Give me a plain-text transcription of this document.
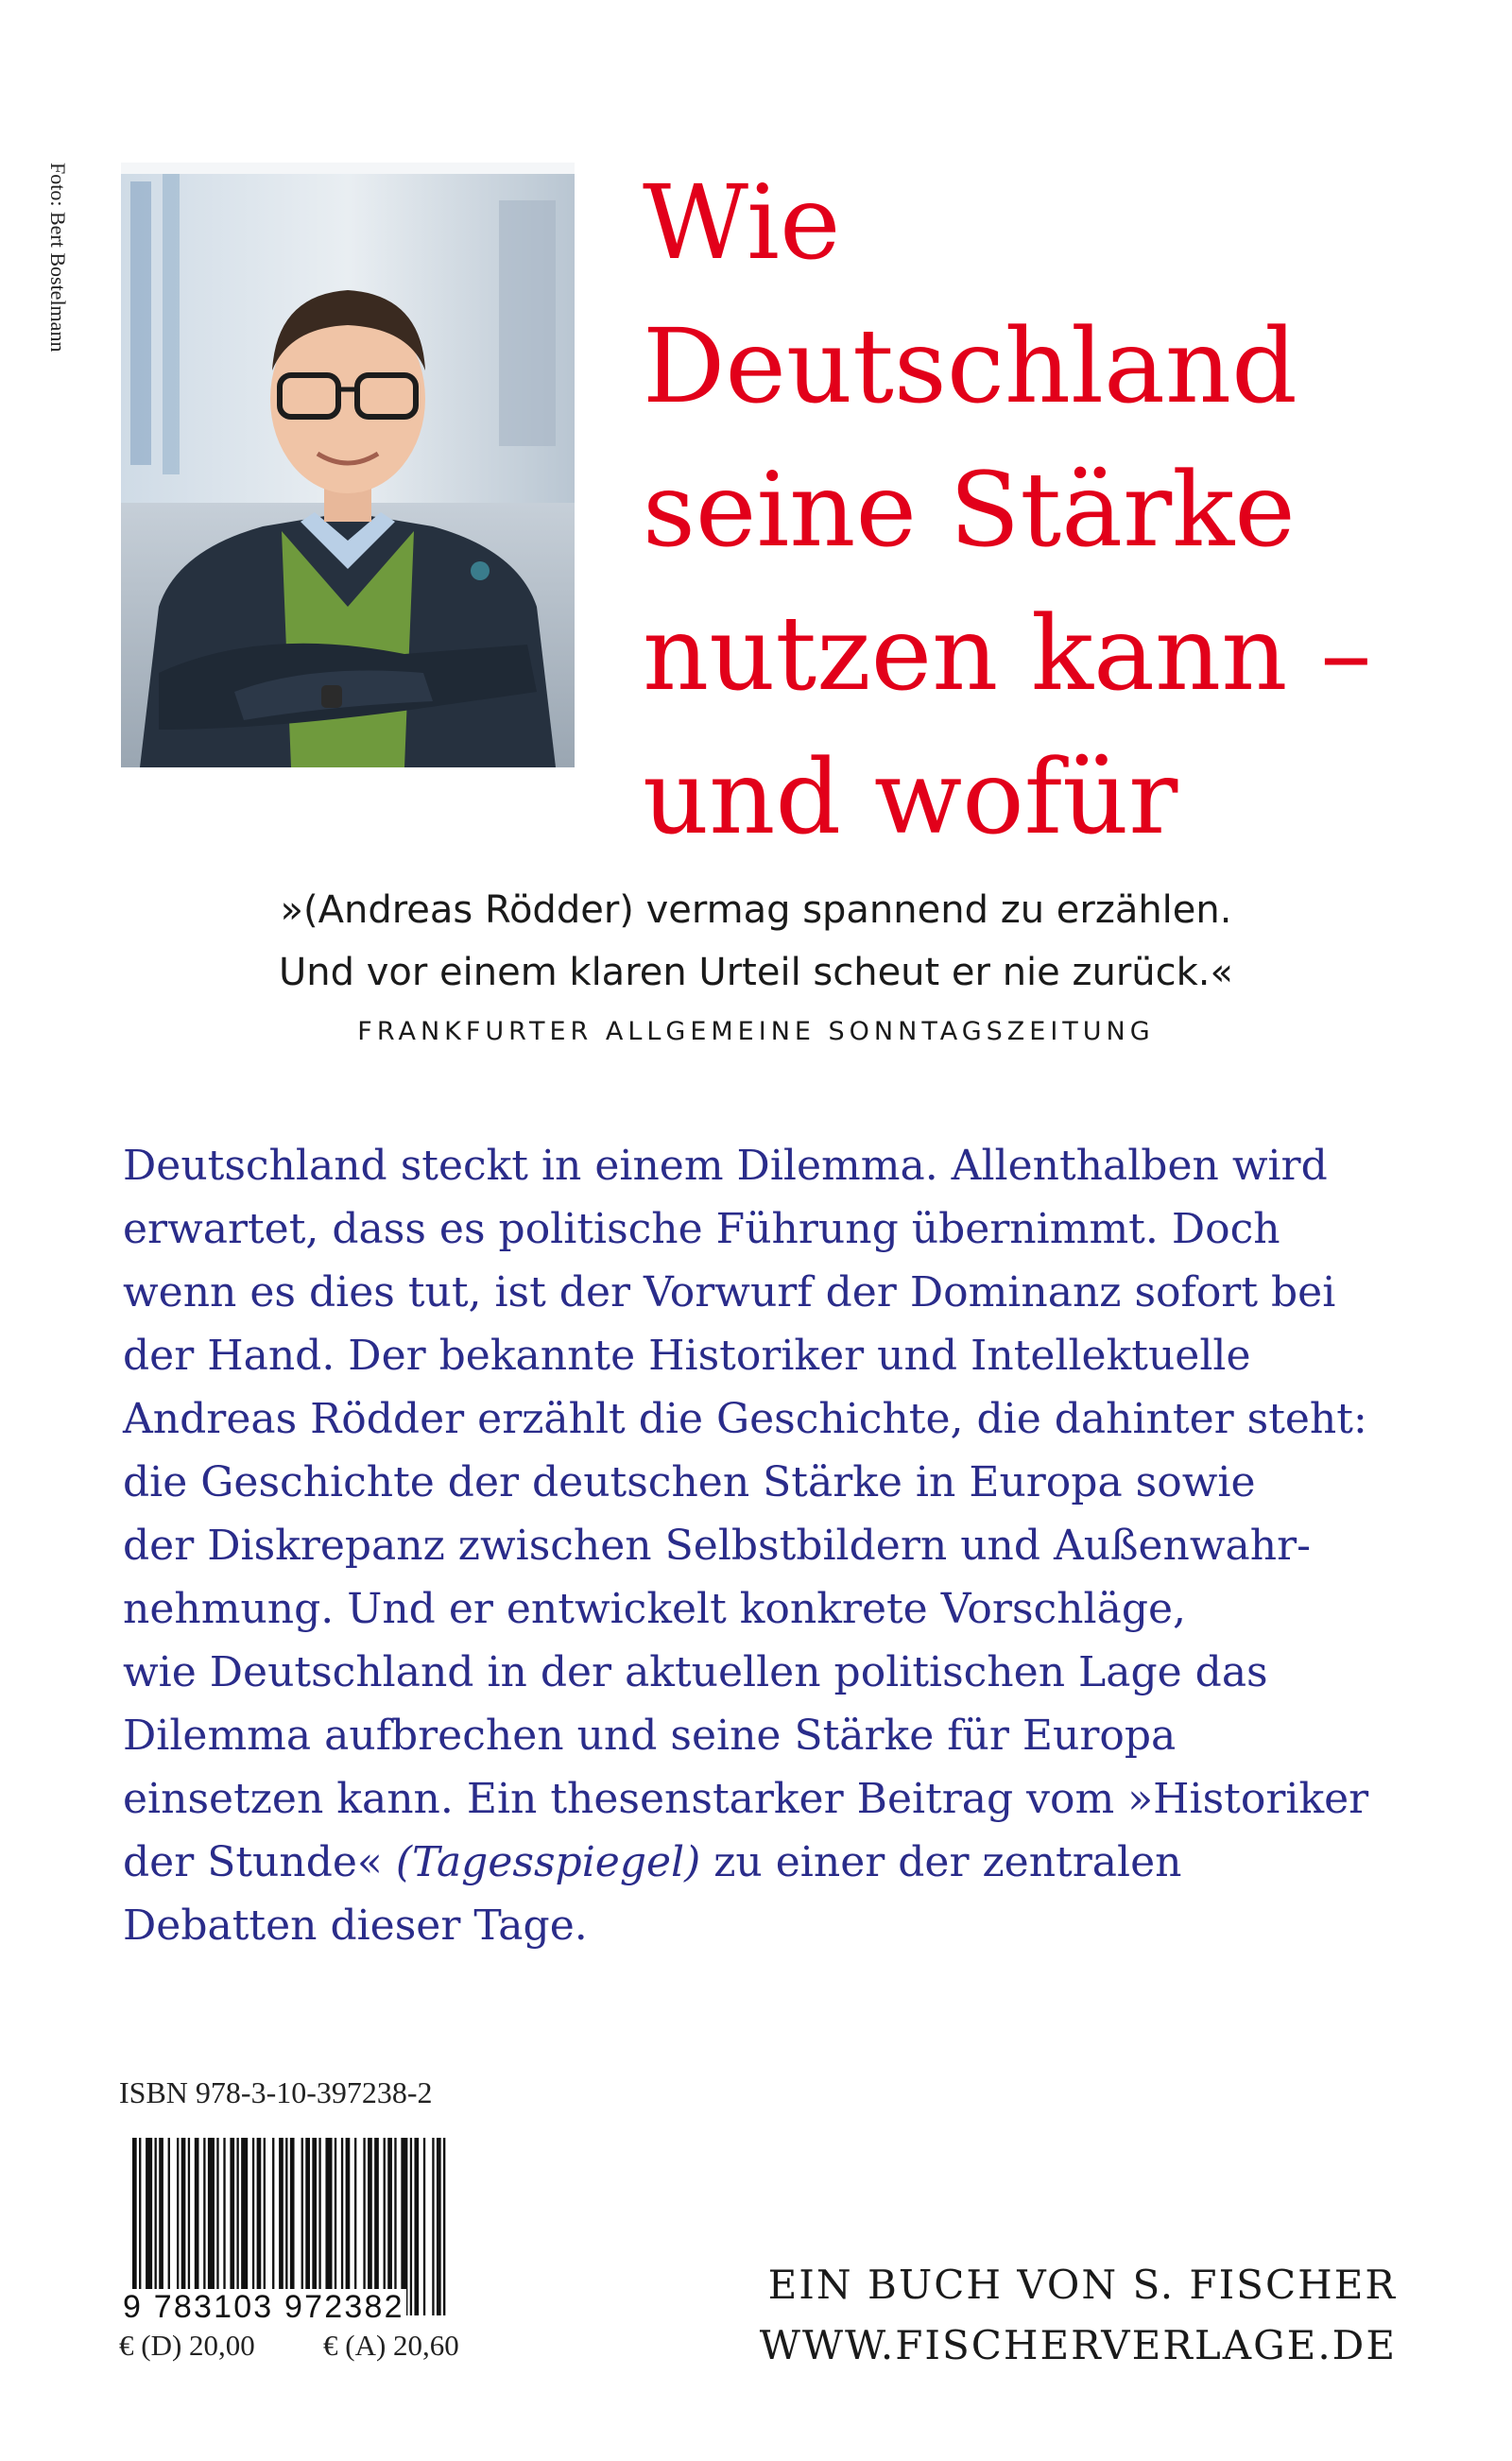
Foto: Bert Bostelmann	Wie
Deutschland
seine Stärke
nutzen kann –
und wofür
»(Andreas Rödder) vermag spannend zu erzählen.
Und vor einem klaren Urteil scheut er nie zurück.«
FRANKFURTER ALLGEMEINE SONNTAGSZEITUNG
Deutschland steckt in einem Dilemma. Allenthalben wird
erwartet, dass es politische Führung übernimmt. Doch
wenn es dies tut, ist der Vorwurf der Dominanz sofort bei
der Hand. Der bekannte Historiker und Intellektuelle
Andreas Rödder erzählt die Geschichte, die dahinter steht:
die Geschichte der deutschen Stärke in Europa sowie
der Diskrepanz zwischen Selbstbildern und Außenwahr-
nehmung. Und er entwickelt konkrete Vorschläge,
wie Deutschland in der aktuellen politischen Lage das
Dilemma aufbrechen und seine Stärke für Europa
einsetzen kann. Ein thesenstarker Beitrag vom »Historiker
der Stunde« (Tagesspiegel) zu einer der zentralen
Debatten dieser Tage.
ISBN 978-3-10-397238-2
9 783103 972382
€ (D) 20,00 € (A) 20,60
EIN BUCH VON S. FISCHER
WWW.FISCHERVERLAGE.DE
